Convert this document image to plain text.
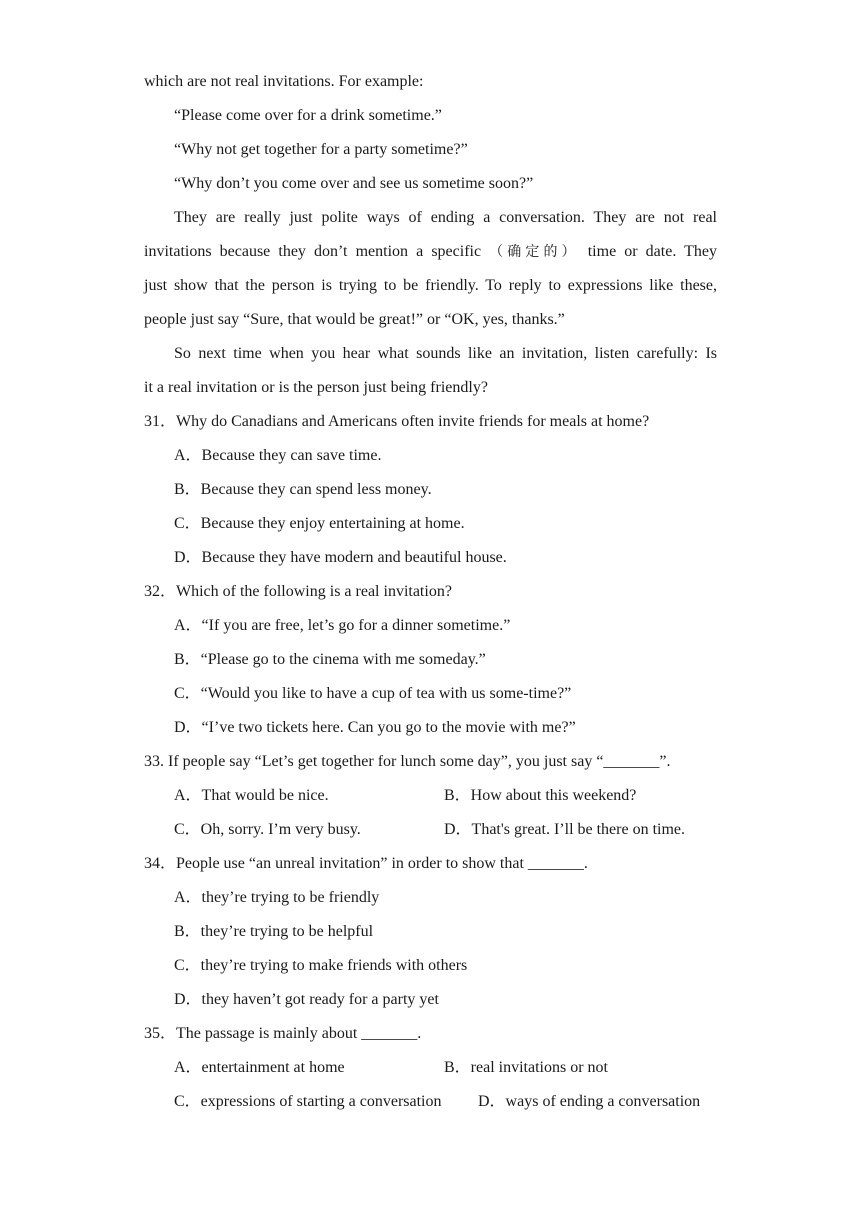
which are not real invitations. For example:
“Please come over for a drink sometime.”
“Why not get together for a party sometime?”
“Why don’t you come over and see us sometime soon?”
They are really just polite ways of ending a conversation. They are not real
invitations because they don’t mention a specific （确定的） time or date. They
just show that the person is trying to be friendly. To reply to expressions like these,
people just say “Sure, that would be great!” or “OK, yes, thanks.”
So next time when you hear what sounds like an invitation, listen carefully: Is
it a real invitation or is the person just being friendly?
31．Why do Canadians and Americans often invite friends for meals at home?
A．Because they can save time.
B．Because they can spend less money.
C．Because they enjoy entertaining at home.
D．Because they have modern and beautiful house.
32．Which of the following is a real invitation?
A．“If you are free, let’s go for a dinner sometime.”
B．“Please go to the cinema with me someday.”
C．“Would you like to have a cup of tea with us some-time?”
D．“I’ve two tickets here. Can you go to the movie with me?”
33. If people say “Let’s get together for lunch some day”, you just say “_______”.
A．That would be nice.	B．How about this weekend?
C．Oh, sorry. I’m very busy.	D．That's great. I’ll be there on time.
34．People use “an unreal invitation” in order to show that _______.
A．they’re trying to be friendly
B．they’re trying to be helpful
C．they’re trying to make friends with others
D．they haven’t got ready for a party yet
35．The passage is mainly about _______.
A．entertainment at home	B．real invitations or not
C．expressions of starting a conversation D．ways of ending a conversation
